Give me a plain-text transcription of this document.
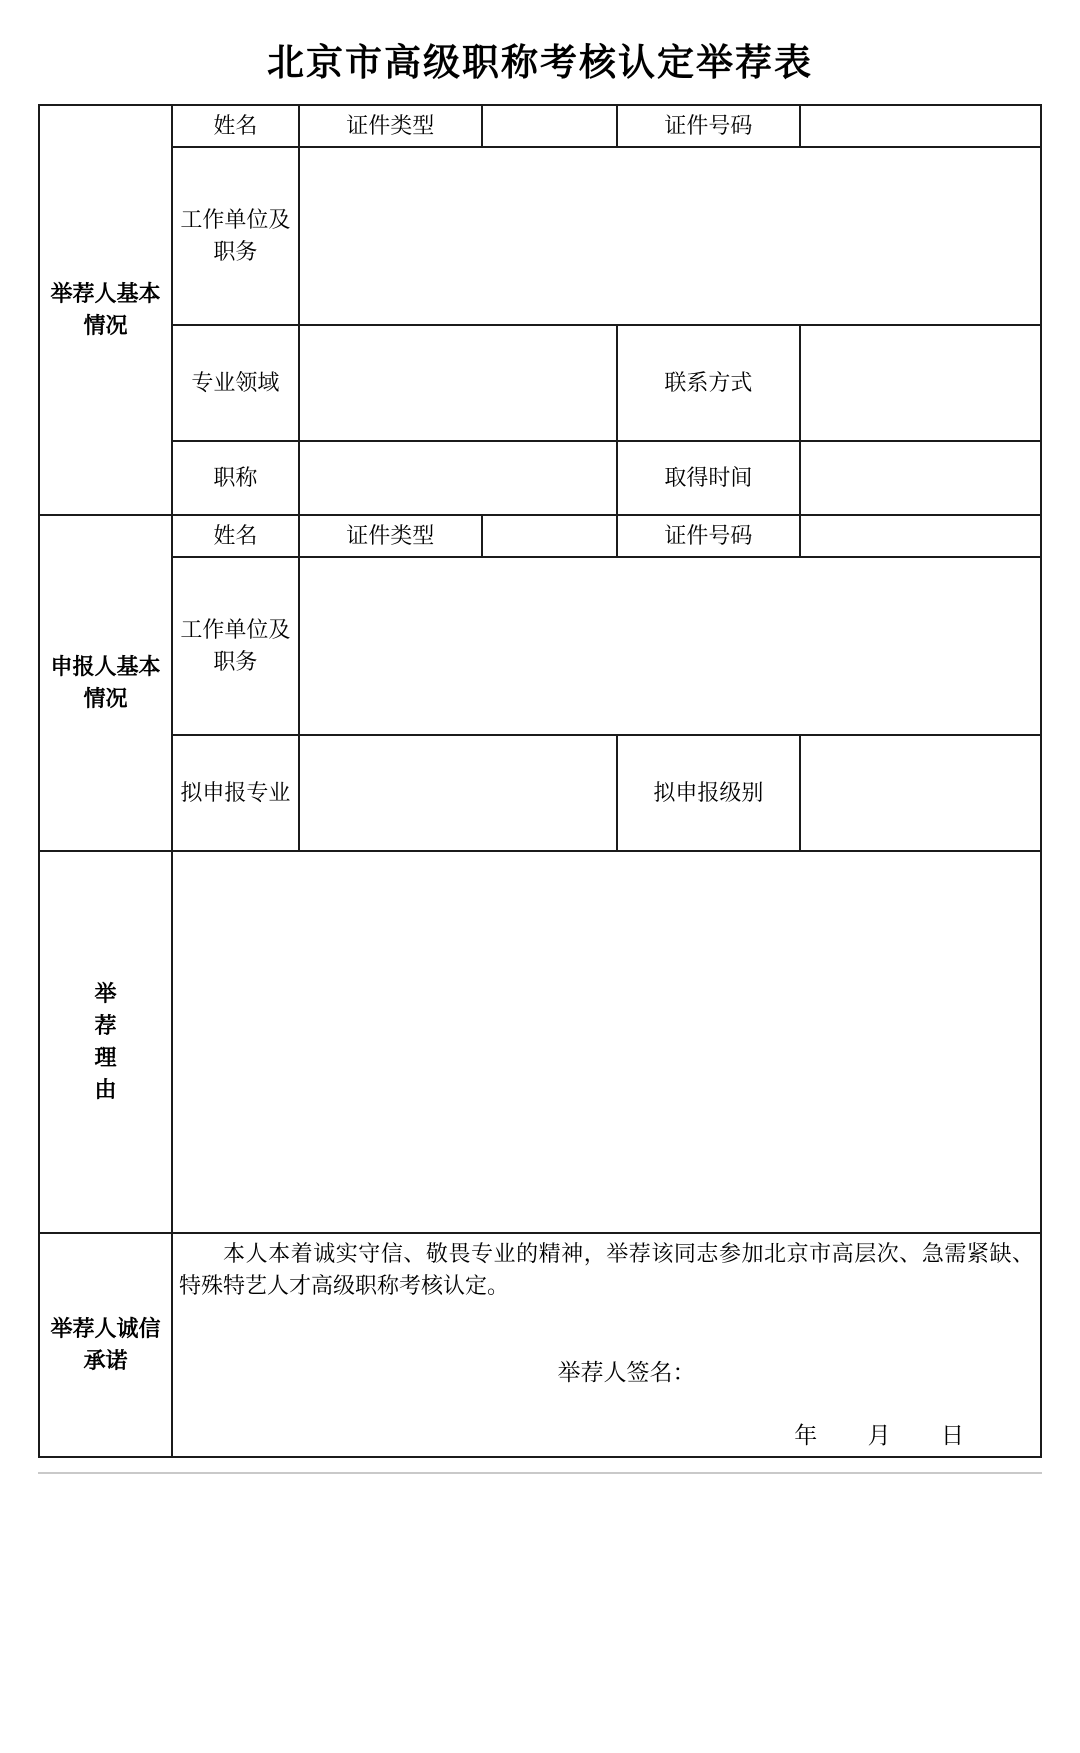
北京市高级职称考核认定举荐表
举荐人基本情况	姓名	证件类型		证件号码	
	工作单位及职务				
	专业领域			联系方式	
	职称			取得时间	
申报人基本情况	姓名	证件类型		证件号码	
	工作单位及职务				
	拟申报专业			拟申报级别	

举
荐
理
由					

举荐人诚信承诺	本人本着诚实守信、敬畏专业的精神，举荐该同志参加北京市高层次、急需紧缺、特殊特艺人才高级职称考核认定。
举荐人签名：
年 月 日				
